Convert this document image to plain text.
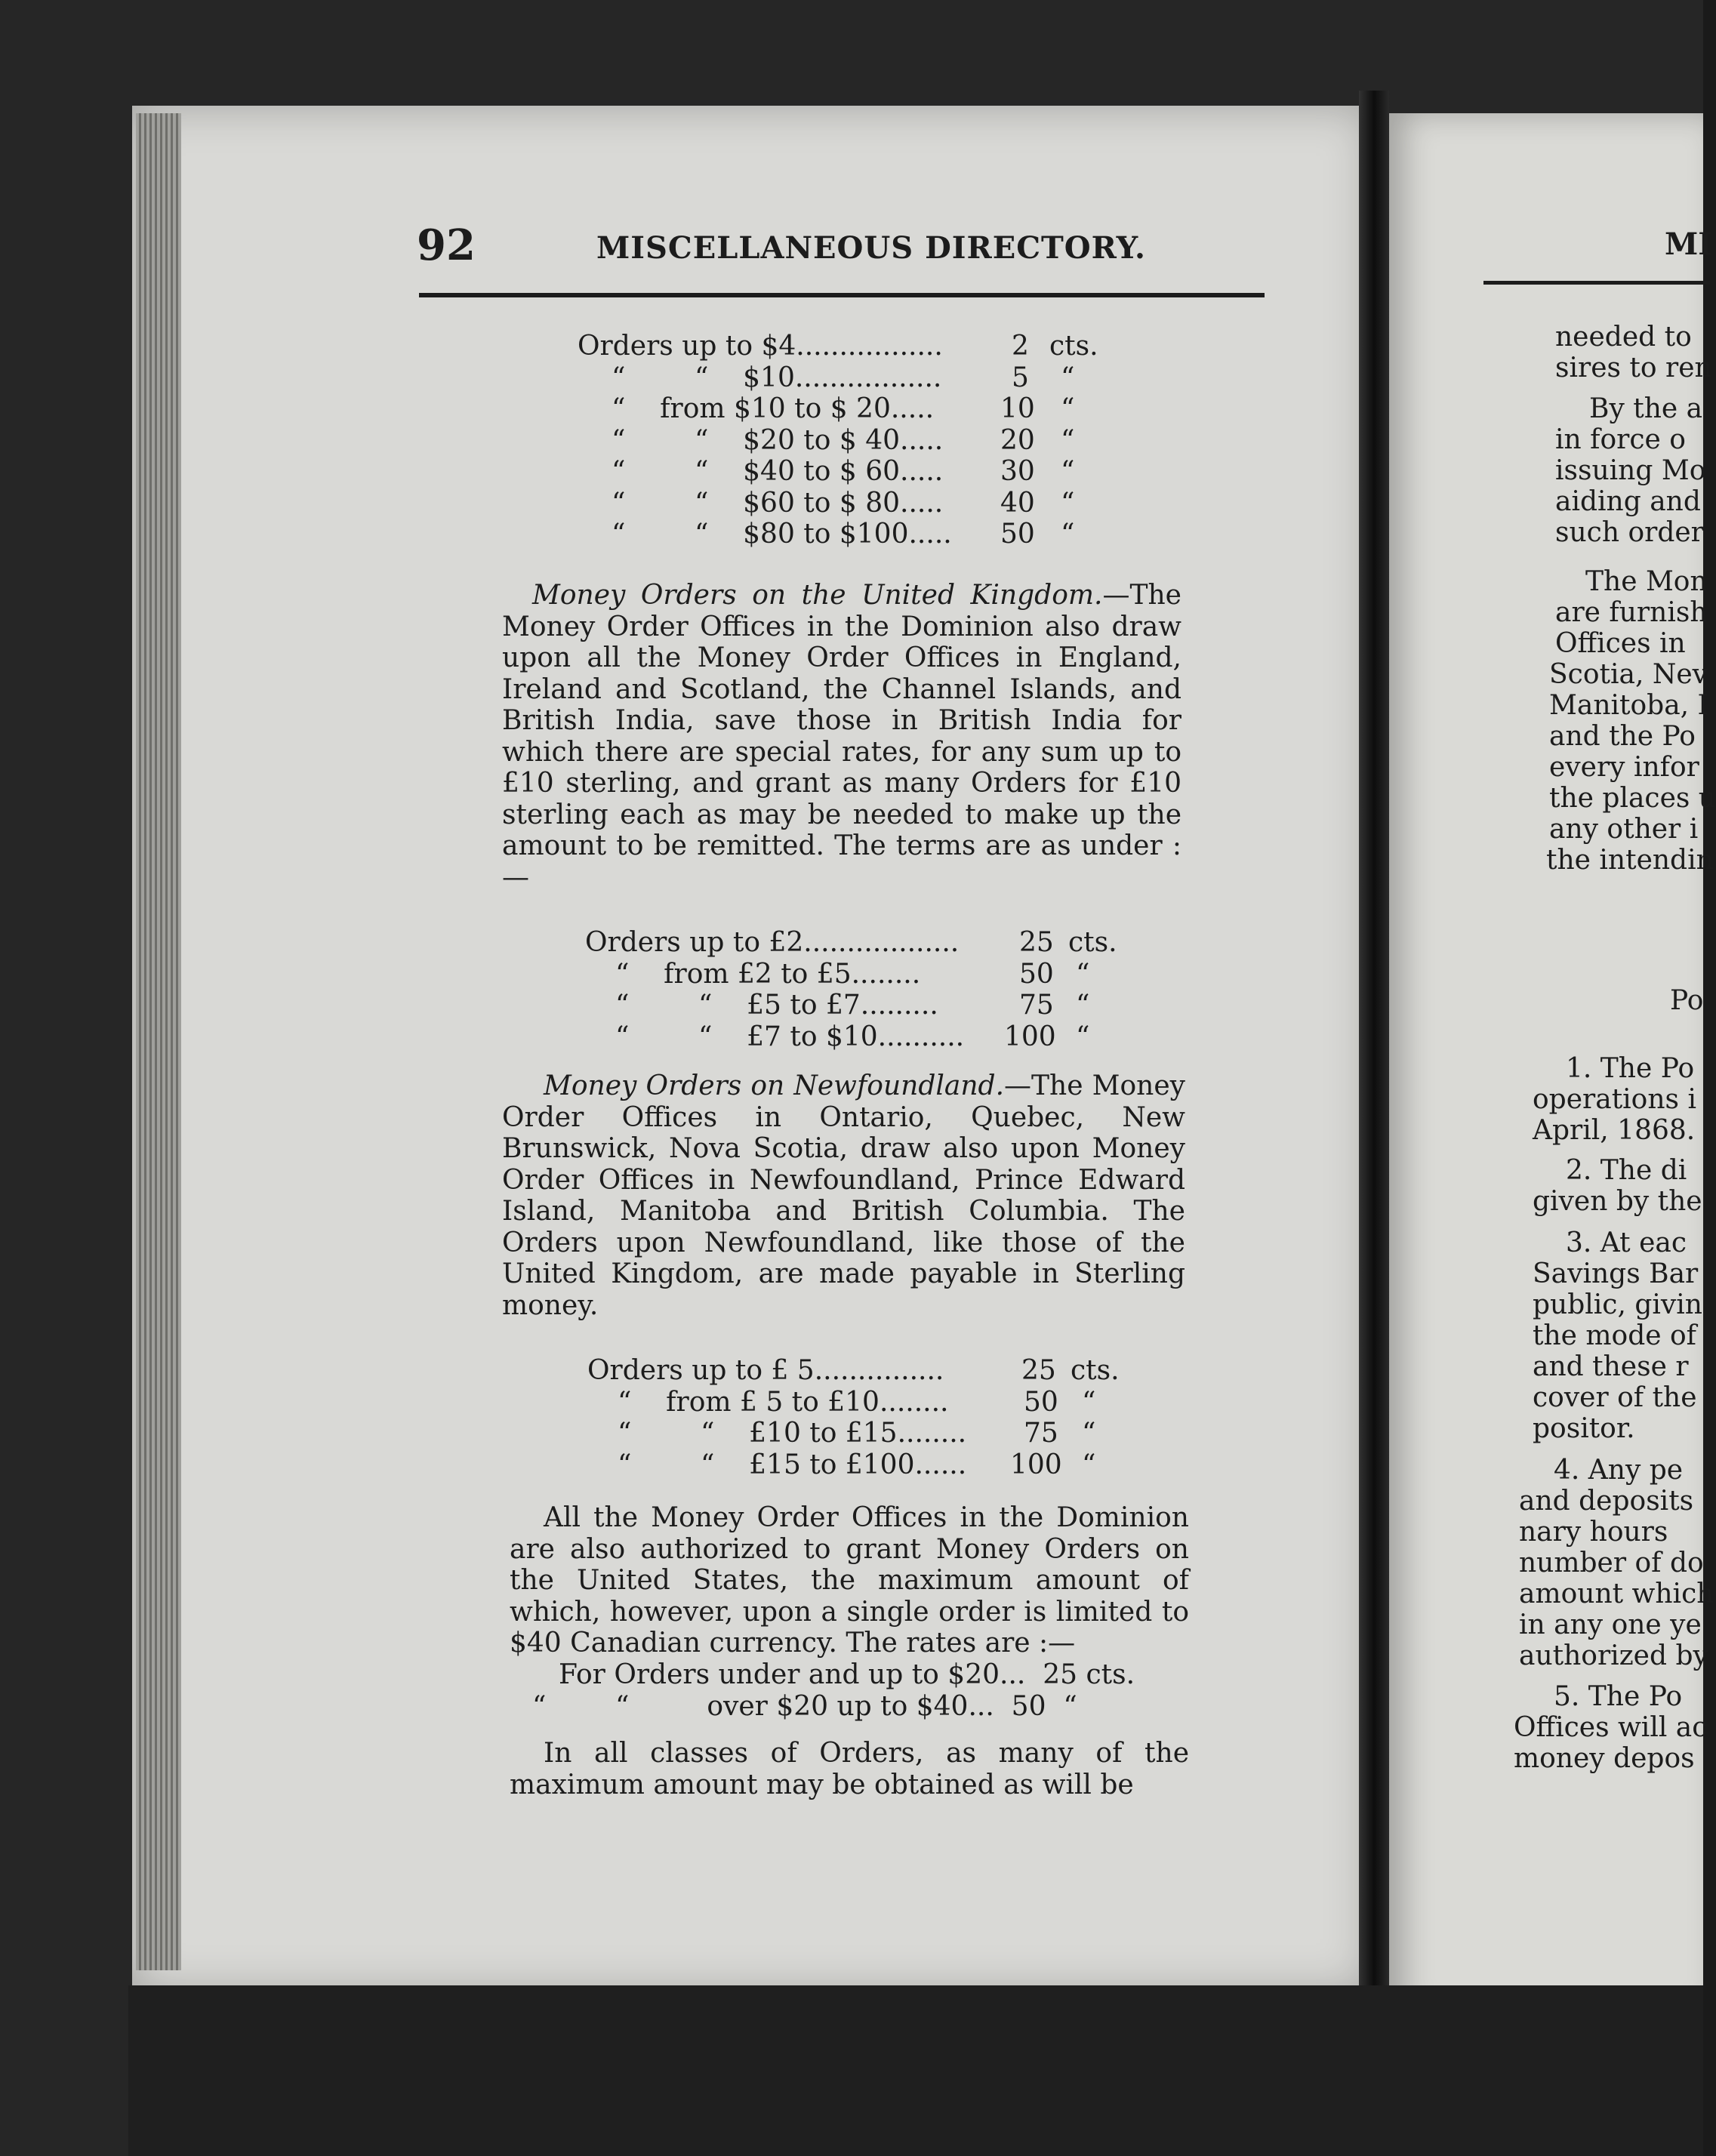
92	MISCELLANEOUS DIRECTORY.
Orders up to $4.................	2 cts.
“        “    $10.................	5 “
“    from $10 to $ 20..... 10 “
“        “    $20 to $ 40..... 20 “
“        “    $40 to $ 60..... 30 “
“        “    $60 to $ 80..... 40 “
“        “    $80 to $100..... 50 “
Money Orders on the United Kingdom.—The Money Order Offices in the Dominion also draw upon all the Money Order Offices in England, Ireland and Scotland, the Channel Islands, and British India, save those in British India for which there are special rates, for any sum up to £10 sterling, and grant as many Orders for £10 sterling each as may be needed to make up the amount to be remitted. The terms are as under :—
Orders up to £2.................. 25 cts.
“    from £2 to £5........	50 “
“        “    £5 to £7.........	75 “
“        “    £7 to $10.......... 100 “
Money Orders on Newfoundland.—The Money Order Offices in Ontario, Quebec, New Brunswick, Nova Scotia, draw also upon Money Order Offices in Newfoundland, Prince Edward Island, Manitoba and British Columbia. The Orders upon Newfoundland, like those of the United Kingdom, are made payable in Sterling money.
Orders up to £ 5...............	25 cts.
“    from £ 5 to £10........	50 “
“        “    £10 to £15........ 75 “
“        “    £15 to £100...... 100 “
All the Money Order Offices in the Dominion are also authorized to grant Money Orders on the United States, the maximum amount of which, however, upon a single order is limited to $40 Canadian currency. The rates are :—
For Orders under and up to $20...  25 cts.
“        “         over $20 up to $40...  50  “
In all classes of Orders, as many of the maximum amount may be obtained as will be
MI
needed to
sires to ren
By the a
in force o
issuing Mo
aiding and
such order
The Mon
are furnish
Offices in
Scotia, Nev
Manitoba, I
and the Po
every infor
the places u
any other i
the intendin
Po
1. The Po
operations i
April, 1868.
2. The di
given by the
3. At eac
Savings Bar
public, givin
the mode of
and these r
cover of the
positor.
4. Any pe
and deposits
nary hours
number of do
amount which
in any one ye
authorized by
5. The Po
Offices will ac
money depos
